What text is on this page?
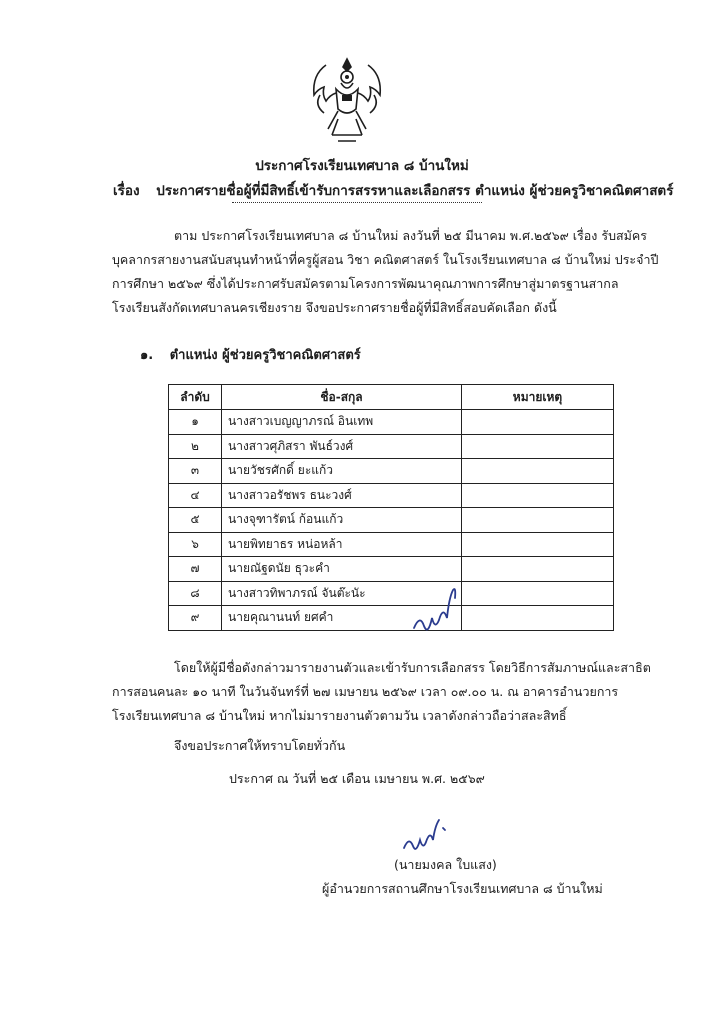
ประกาศโรงเรียนเทศบาล ๘ บ้านใหม่
เรื่อง ประกาศรายชื่อผู้ที่มีสิทธิ์เข้ารับการสรรหาและเลือกสรร ตำแหน่ง ผู้ช่วยครูวิชาคณิตศาสตร์

ตาม ประกาศโรงเรียนเทศบาล ๘ บ้านใหม่ ลงวันที่ ๒๕ มีนาคม พ.ศ.๒๕๖๙ เรื่อง รับสมัคร

บุคลากรสายงานสนับสนุนทำหน้าที่ครูผู้สอน วิชา คณิตศาสตร์ ในโรงเรียนเทศบาล ๘ บ้านใหม่ ประจำปี

การศึกษา ๒๕๖๙ ซึ่งได้ประกาศรับสมัครตามโครงการพัฒนาคุณภาพการศึกษาสู่มาตรฐานสากล

โรงเรียนสังกัดเทศบาลนครเชียงราย จึงขอประกาศรายชื่อผู้ที่มีสิทธิ์สอบคัดเลือก ดังนี้

๑. ตำแหน่ง ผู้ช่วยครูวิชาคณิตศาสตร์
ลำดับ	ชื่อ-สกุล	หมายเหตุ
๑	นางสาวเบญญาภรณ์ อินเทพ	
๒	นางสาวศุภิสรา พันธ์วงศ์	
๓	นายวัชรศักดิ์ ยะแก้ว	
๔	นางสาวอรัชพร ธนะวงศ์	
๕	นางจุฑารัตน์ ก้อนแก้ว	
๖	นายพิทยาธร หน่อหล้า	
๗	นายณัฐดนัย ธุวะคำ	
๘	นางสาวทิพาภรณ์ จันต๊ะนัะ	
๙	นายคุณานนท์ ยศคำ	

โดยให้ผู้มีชื่อดังกล่าวมารายงานตัวและเข้ารับการเลือกสรร โดยวิธีการสัมภาษณ์และสาธิต

การสอนคนละ ๑๐ นาที ในวันจันทร์ที่ ๒๗ เมษายน ๒๕๖๙ เวลา ๐๙.๐๐ น. ณ อาคารอำนวยการ

โรงเรียนเทศบาล ๘ บ้านใหม่ หากไม่มารายงานตัวตามวัน เวลาดังกล่าวถือว่าสละสิทธิ์

จึงขอประกาศให้ทราบโดยทั่วกัน
ประกาศ ณ วันที่ ๒๕ เดือน เมษายน พ.ศ. ๒๕๖๙
(นายมงคล ใบแสง)
ผู้อำนวยการสถานศึกษาโรงเรียนเทศบาล ๘ บ้านใหม่
